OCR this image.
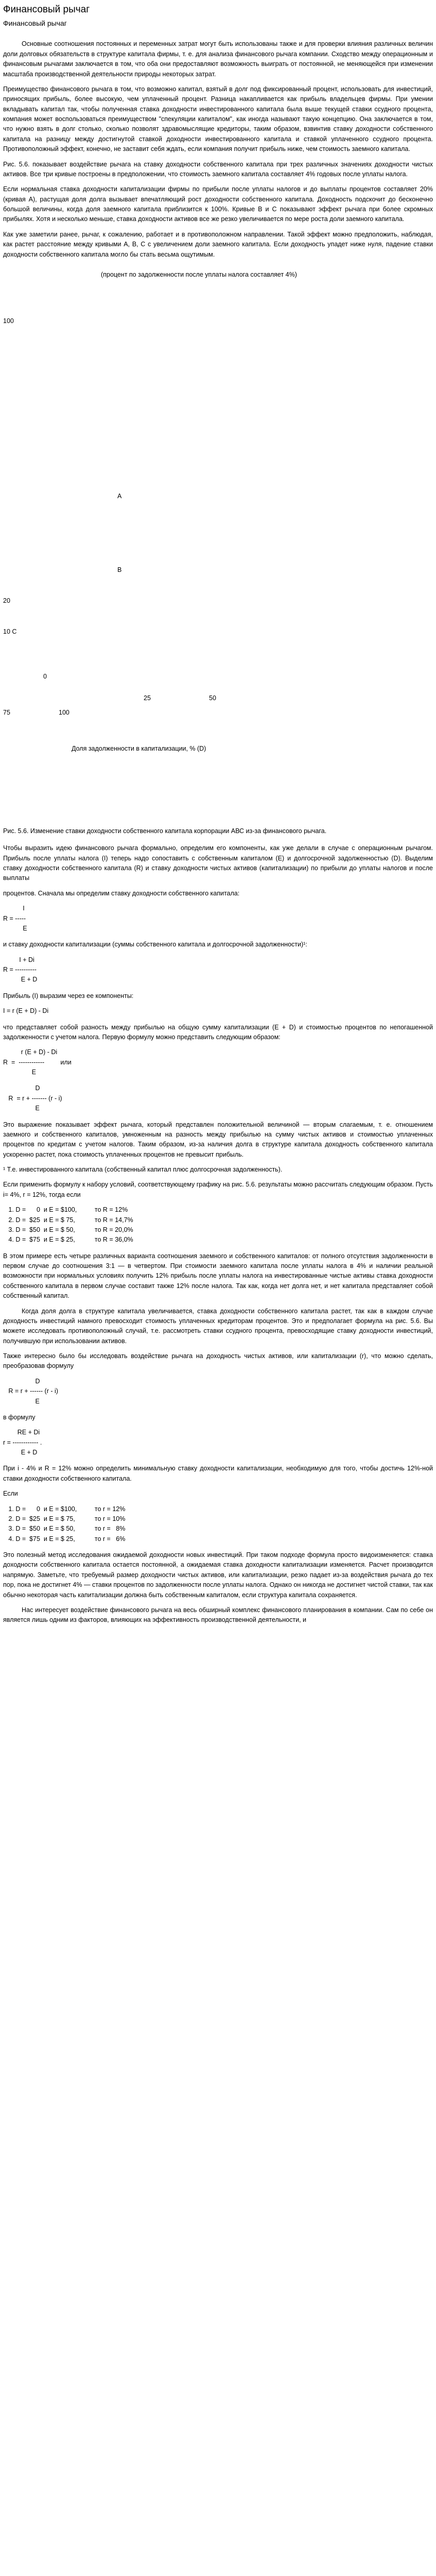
Финансовый рычаг
Финансовый рычаг

Основные соотношения постоянных и переменных затрат могут быть использованы также и для проверки влияния различных величин доли долговых обязательств в структуре капитала фирмы, т. е. для анализа финансового рычага компании. Сходство между операционным и финансовым рычагами заключается в том, что оба они предоставляют возможность выиграть от постоянной, не меняющейся при изменении масштаба производственной деятельности природы некоторых затрат.

Преимущество финансового рычага в том, что возможно капитал, взятый в долг под фиксированный процент, использовать для инвестиций, приносящих прибыль, более высокую, чем уплаченный процент. Разница накапливается как прибыль владельцев фирмы. При умении вкладывать капитал так, чтобы полученная ставка доходности инвестированного капитала была выше текущей ставки ссудного процента, компания может воспользоваться преимуществом "спекуляции капиталом", как иногда называют такую концепцию. Она заключается в том, что нужно взять в долг столько, сколько позволят здравомыслящие кредиторы, таким образом, взвинтив ставку доходности собственного капитала на разницу между достигнутой ставкой доходности инвестированного капитала и ставкой уплаченного ссудного процента. Противоположный эффект, конечно, не заставит себя ждать, если компания получит прибыль ниже, чем стоимость заемного капитала.

Рис. 5.6. показывает воздействие рычага на ставку доходности собственного капитала при трех различных значениях доходности чистых активов. Все три кривые построены в предположении, что стоимость заемного капитала составляет 4% годовых после уплаты налога.

Если нормальная ставка доходности капитализации фирмы по прибыли после уплаты налогов и до выплаты процентов составляет 20% (кривая А), растущая доля долга вызывает впечатляющий рост доходности собственного капитала. Доходность подскочит до бесконечно большой величины, когда доля заемного капитала приблизится к 100%. Кривые В и С показывают эффект рычага при более скромных прибылях. Хотя и несколько меньше, ставка доходности активов все же резко увеличивается по мере роста доли заемного капитала.

Как уже заметили ранее, рычаг, к сожалению, работает и в противоположном направлении. Такой эффект можно предположить, наблюдая, как растет расстояние между кривыми А, В, С с увеличением доли заемного капитала. Если доходность упадет ниже нуля, падение ставки доходности собственного капитала могло бы стать весьма ощутимым.

(процент по задолженности после уплаты налога составляет 4%)
100
A
B
20
10 С
0
25	50
75	100
Доля задолженности в капитализации, % (D)

Рис. 5.6. Изменение ставки доходности собственного капитала корпорации АВС из-за финансового рычага.

Чтобы выразить идею финансового рычага формально, определим его компоненты, как уже делали в случае с операционным рычагом. Прибыль после уплаты налога (I) теперь надо сопоставить с собственным капиталом (E) и долгосрочной задолженностью (D). Выделим ставку доходности собственного капитала (R) и ставку доходности чистых активов (капитализации) по прибыли до уплаты налогов и после выплаты

процентов. Сначала мы определим ставку доходности собственного капитала:

I
R = -----
E

и ставку доходности капитализации (суммы собственного капитала и долгосрочной задолженности)¹:

I + Di
R = ----------
E + D

Прибыль (I) выразим через ее компоненты:

I = r (E + D) - Di

что представляет собой разность между прибылью на общую сумму капитализации (E + D) и стоимостью процентов по непогашенной задолженности с учетом налога. Первую формулу можно представить следующим образом:

r (E + D) - Di
R  =  ------------         или
E
D
R  = r + ------- (r - i)
E

Это выражение показывает эффект рычага, который представлен положительной величиной — вторым слагаемым, т. е. отношением заемного и собственного капиталов, умноженным на разность между прибылью на сумму чистых активов и стоимостью уплаченных процентов по кредитам с учетом налогов. Таким образом, из-за наличия долга в структуре капитала доходность собственного капитала ускоренно растет, пока стоимость уплаченных процентов не превысит прибыль.

¹ Т.е. инвестированного капитала (собственный капитал плюс долгосрочная задолженность).

Если применить формулу к набору условий, соответствующему графику на рис. 5.6. результаты можно рассчитать следующим образом. Пусть i= 4%, r = 12%, тогда если

1. D =      0  и E = $100,          то R = 12%
2. D =  $25  и E = $ 75,           то R = 14,7%
3. D =  $50  и E = $ 50,           то R = 20,0%
4. D =  $75  и E = $ 25,           то R = 36,0%

В этом примере есть четыре различных варианта соотношения заемного и собственного капиталов: от полного отсутствия задолженности в первом случае до соотношения 3:1 — в четвертом. При стоимости заемного капитала после уплаты налога в 4% и наличии реальной возможности при нормальных условиях получить 12% прибыль после уплаты налога на инвестированные чистые активы ставка доходности собственного капитала в первом случае составит также 12% после налога. Так как, когда нет долга нет, и нет капитала представляет собой собственный капитал.

Когда доля долга в структуре капитала увеличивается, ставка доходности собственного капитала растет, так как в каждом случае доходность инвестиций намного превосходит стоимость уплаченных кредиторам процентов. Это и предполагает формула на рис. 5.6. Вы можете исследовать противоположный случай, т.е. рассмотреть ставки ссудного процента, превосходящие ставку доходности инвестиций, получившую при использовании активов.

Также интересно было бы исследовать воздействие рычага на доходность чистых активов, или капитализации (r), что можно сделать, преобразовав формулу

D
R = r + ------ (r - i)
E

в формулу

RE + Di
r = ------------ .
E + D

При i - 4% и R = 12% можно определить минимальную ставку доходности капитализации, необходимую для того, чтобы достичь 12%-ной ставки доходности собственного капитала.

Если

1. D =      0  и E = $100,          то r = 12%
2. D =  $25  и E = $ 75,           то r = 10%
3. D =  $50  и E = $ 50,           то r =   8%
4. D =  $75  и E = $ 25,           то r =   6%

Это полезный метод исследования ожидаемой доходности новых инвестиций. При таком подходе формула просто видоизменяется: ставка доходности собственного капитала остается постоянной, а ожидаемая ставка доходности капитализации изменяется. Расчет производится напрямую. Заметьте, что требуемый размер доходности чистых активов, или капитализации, резко падает из-за воздействия рычага до тех пор, пока не достигнет 4% — ставки процентов по задолженности после уплаты налога. Однако он никогда не достигнет чистой ставки, так как обычно некоторая часть капитализации должна быть собственным капиталом, если структура капитала сохраняется.

Нас интересует воздействие финансового рычага на весь обширный комплекс финансового планирования в компании. Сам по себе он является лишь одним из факторов, влияющих на эффективность производственной деятельности, и
